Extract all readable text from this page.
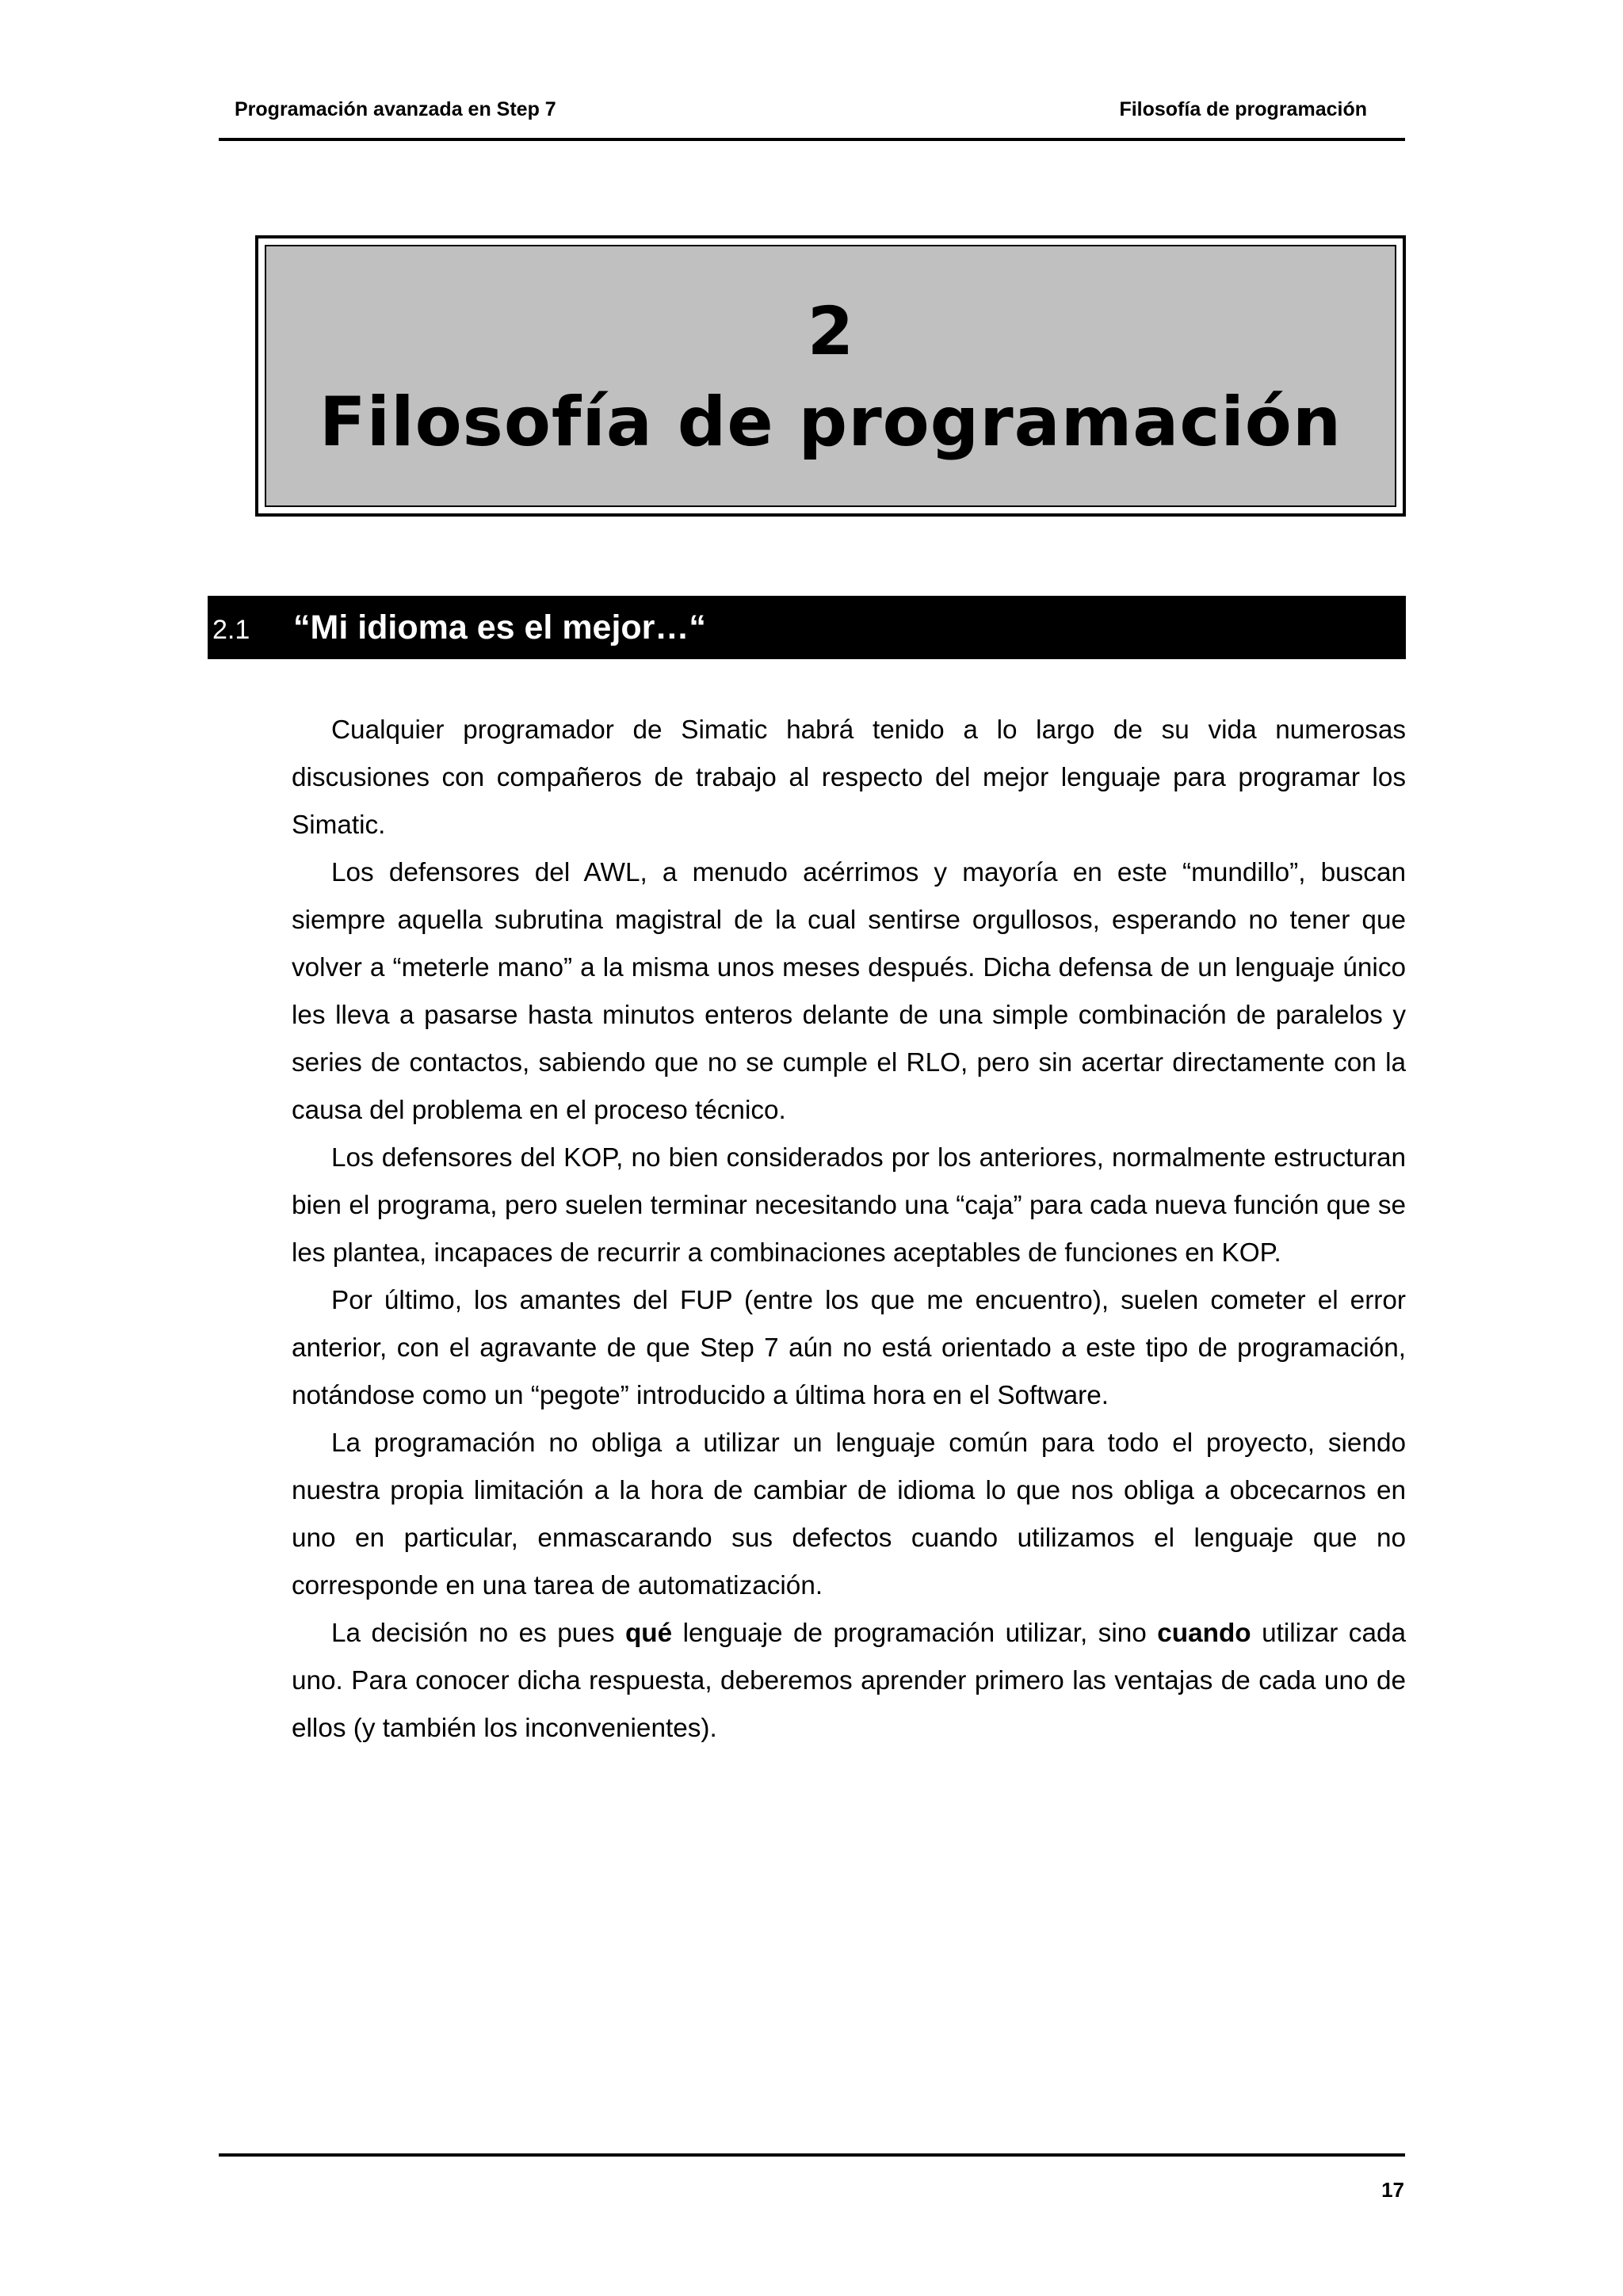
Programación avanzada en Step 7	Filosofía de programación
2
Filosofía de programación
2.1 “Mi idioma es el mejor…“

Cualquier programador de Simatic habrá tenido a lo largo de su vida numerosas discusiones con compañeros de trabajo al respecto del mejor lenguaje para programar los Simatic.

Los defensores del AWL, a menudo acérrimos y mayoría en este “mundillo”, buscan siempre aquella subrutina magistral de la cual sentirse orgullosos, esperando no tener que volver a “meterle mano” a la misma unos meses después. Dicha defensa de un lenguaje único les lleva a pasarse hasta minutos enteros delante de una simple combinación de paralelos y series de contactos, sabiendo que no se cumple el RLO, pero sin acertar directamente con la causa del problema en el proceso técnico.

Los defensores del KOP, no bien considerados por los anteriores, normalmente estructuran bien el programa, pero suelen terminar necesitando una “caja” para cada nueva función que se les plantea, incapaces de recurrir a combinaciones aceptables de funciones en KOP.

Por último, los amantes del FUP (entre los que me encuentro), suelen cometer el error anterior, con el agravante de que Step 7 aún no está orientado a este tipo de programación, notándose como un “pegote” introducido a última hora en el Software.

La programación no obliga a utilizar un lenguaje común para todo el proyecto, siendo nuestra propia limitación a la hora de cambiar de idioma lo que nos obliga a obcecarnos en uno en particular, enmascarando sus defectos cuando utilizamos el lenguaje que no corresponde en una tarea de automatización.

La decisión no es pues qué lenguaje de programación utilizar, sino cuando utilizar cada uno. Para conocer dicha respuesta, deberemos aprender primero las ventajas de cada uno de ellos (y también los inconvenientes).

17
